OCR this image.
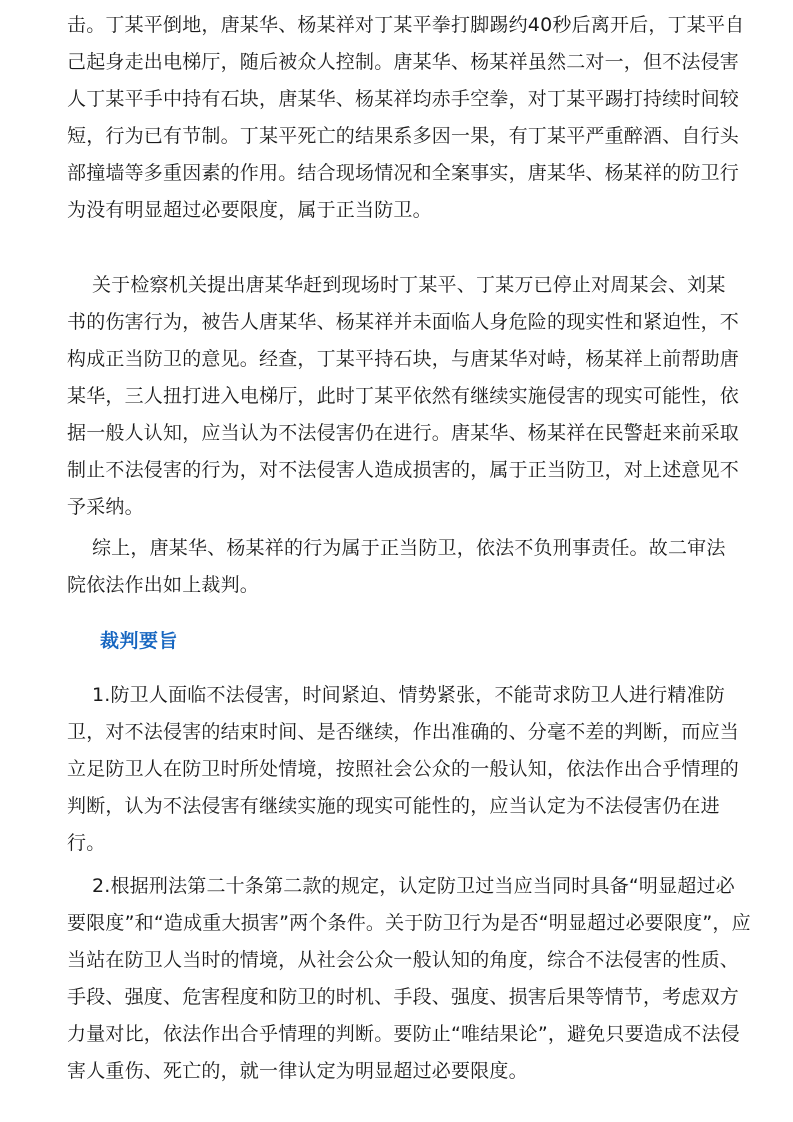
击。丁某平倒地，唐某华、杨某祥对丁某平拳打脚踢约40秒后离开后，丁某平自
己起身走出电梯厅，随后被众人控制。唐某华、杨某祥虽然二对一，但不法侵害
人丁某平手中持有石块，唐某华、杨某祥均赤手空拳，对丁某平踢打持续时间较
短，行为已有节制。丁某平死亡的结果系多因一果，有丁某平严重醉酒、自行头
部撞墙等多重因素的作用。结合现场情况和全案事实，唐某华、杨某祥的防卫行
为没有明显超过必要限度，属于正当防卫。
关于检察机关提出唐某华赶到现场时丁某平、丁某万已停止对周某会、刘某
书的伤害行为，被告人唐某华、杨某祥并未面临人身危险的现实性和紧迫性，不
构成正当防卫的意见。经查，丁某平持石块，与唐某华对峙，杨某祥上前帮助唐
某华，三人扭打进入电梯厅，此时丁某平依然有继续实施侵害的现实可能性，依
据一般人认知，应当认为不法侵害仍在进行。唐某华、杨某祥在民警赶来前采取
制止不法侵害的行为，对不法侵害人造成损害的，属于正当防卫，对上述意见不
予采纳。
综上，唐某华、杨某祥的行为属于正当防卫，依法不负刑事责任。故二审法
院依法作出如上裁判。
裁判要旨
1.防卫人面临不法侵害，时间紧迫、情势紧张，不能苛求防卫人进行精准防
卫，对不法侵害的结束时间、是否继续，作出准确的、分毫不差的判断，而应当
立足防卫人在防卫时所处情境，按照社会公众的一般认知，依法作出合乎情理的
判断，认为不法侵害有继续实施的现实可能性的，应当认定为不法侵害仍在进
行。
2.根据刑法第二十条第二款的规定，认定防卫过当应当同时具备“明显超过必
要限度”和“造成重大损害”两个条件。关于防卫行为是否“明显超过必要限度”，应
当站在防卫人当时的情境，从社会公众一般认知的角度，综合不法侵害的性质、
手段、强度、危害程度和防卫的时机、手段、强度、损害后果等情节，考虑双方
力量对比，依法作出合乎情理的判断。要防止“唯结果论”，避免只要造成不法侵
害人重伤、死亡的，就一律认定为明显超过必要限度。
